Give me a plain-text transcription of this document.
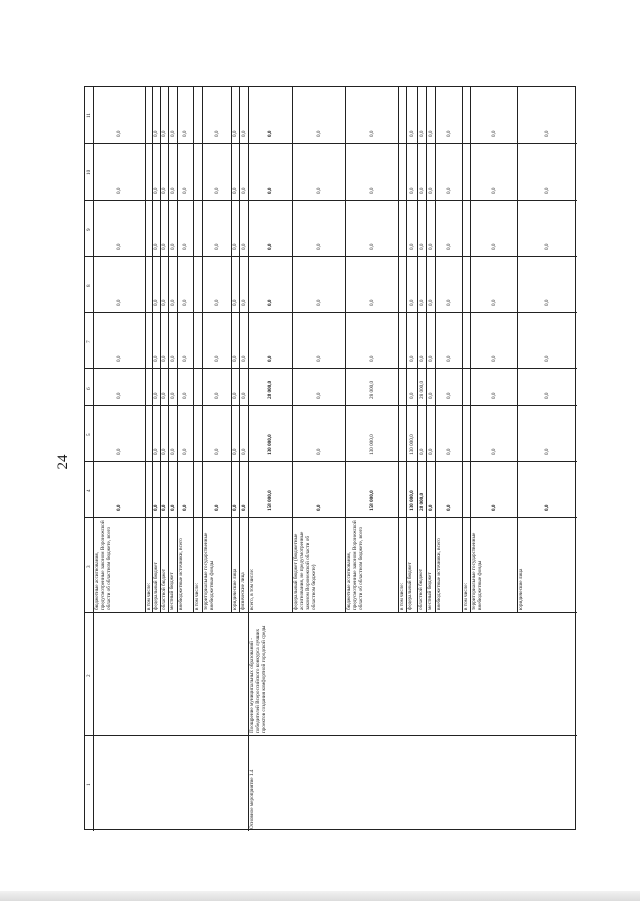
24
1
2
3
4
5
6
7
8
9
10
11
бюджетные ассигнования, предусмотренные законом Воронежской области об областном бюджете, всего
0,0
0,0
0,0
0,0
0,0
0,0
0,0
0,0
в том числе: федеральный бюджет
0,0
0,0
0,0
0,0
0,0
0,0
0,0
0,0
областной бюджет
0,0
0,0
0,0
0,0
0,0
0,0
0,0
0,0
местный бюджет
0,0
0,0
0,0
0,0
0,0
0,0
0,0
0,0
внебюджетные источники, всего
0,0
0,0
0,0
0,0
0,0
0,0
0,0
0,0
в том числе: территориальные государственные внебюджетные фонды
0,0
0,0
0,0
0,0
0,0
0,0
0,0
0,0
юридические лица
0,0
0,0
0,0
0,0
0,0
0,0
0,0
0,0
физические лица
0,0
0,0
0,0
0,0
0,0
0,0
0,0
0,0
всего, в том числе:
158 000,0
130 000,0
28 000,0
0,0
0,0
0,0
0,0
0,0
федеральный бюджет (бюджетные ассигнования, не предусмотренные законом Воронежской области об областном бюджете)
0,0
0,0
0,0
0,0
0,0
0,0
0,0
0,0
бюджетные ассигнования, предусмотренные законом Воронежской области об областном бюджете, всего
158 000,0
130 000,0
28 000,0
0,0
0,0
0,0
0,0
0,0
в том числе: федеральный бюджет
130 000,0
130 000,0
0,0
0,0
0,0
0,0
0,0
0,0
областной бюджет
28 000,0
0,0
28 000,0
0,0
0,0
0,0
0,0
0,0
местный бюджет
0,0
0,0
0,0
0,0
0,0
0,0
0,0
0,0
внебюджетные источники, всего
0,0
0,0
0,0
0,0
0,0
0,0
0,0
0,0
в том числе: территориальные государственные внебюджетные фонды
0,0
0,0
0,0
0,0
0,0
0,0
0,0
0,0
юридические лица
0,0
0,0
0,0
0,0
0,0
0,0
0,0
0,0
Основное мероприятие 1.4
Поощрение муниципальных образований - победителей Всероссийского конкурса лучших проектов создания комфортной городской среды
